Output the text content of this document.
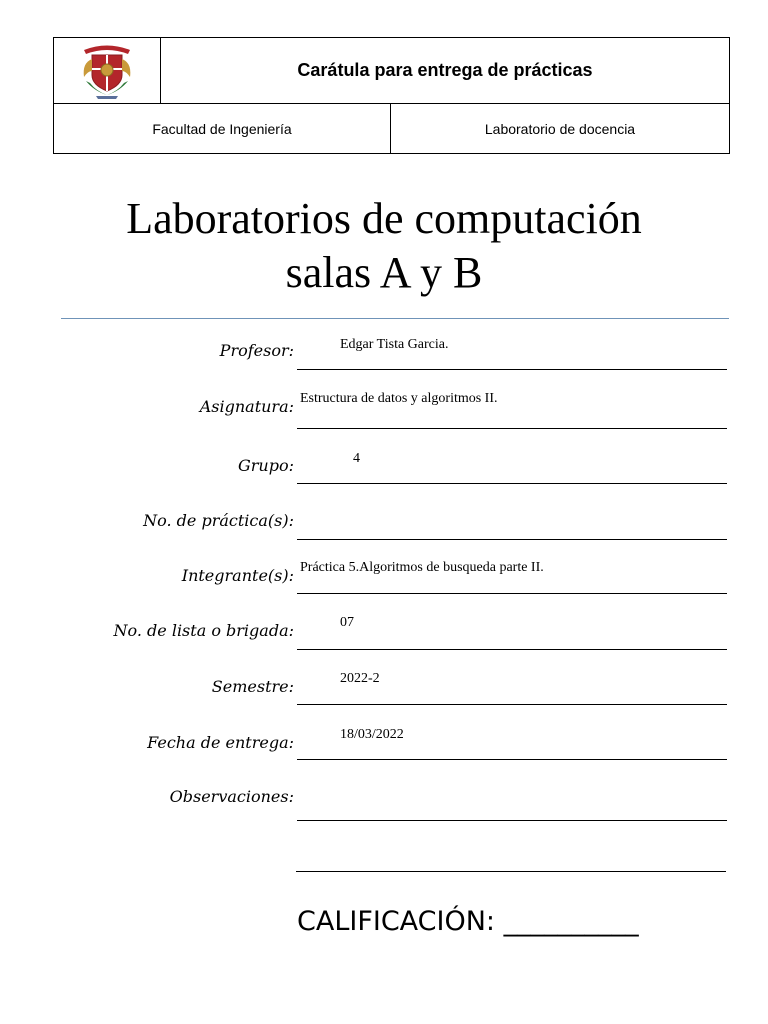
Carátula para entrega de prácticas
Facultad de Ingeniería	Laboratorio de docencia
Laboratorios de computación
salas A y B
Profesor:	Edgar Tista Garcia.
Asignatura: Estructura de datos y algoritmos II.
Grupo:	4
No. de práctica(s):
Integrante(s): Práctica 5.Algoritmos de busqueda parte II.
No. de lista o brigada:	07
Semestre:	2022-2
Fecha de entrega:	18/03/2022
Observaciones:
CALIFICACIÓN: __________
